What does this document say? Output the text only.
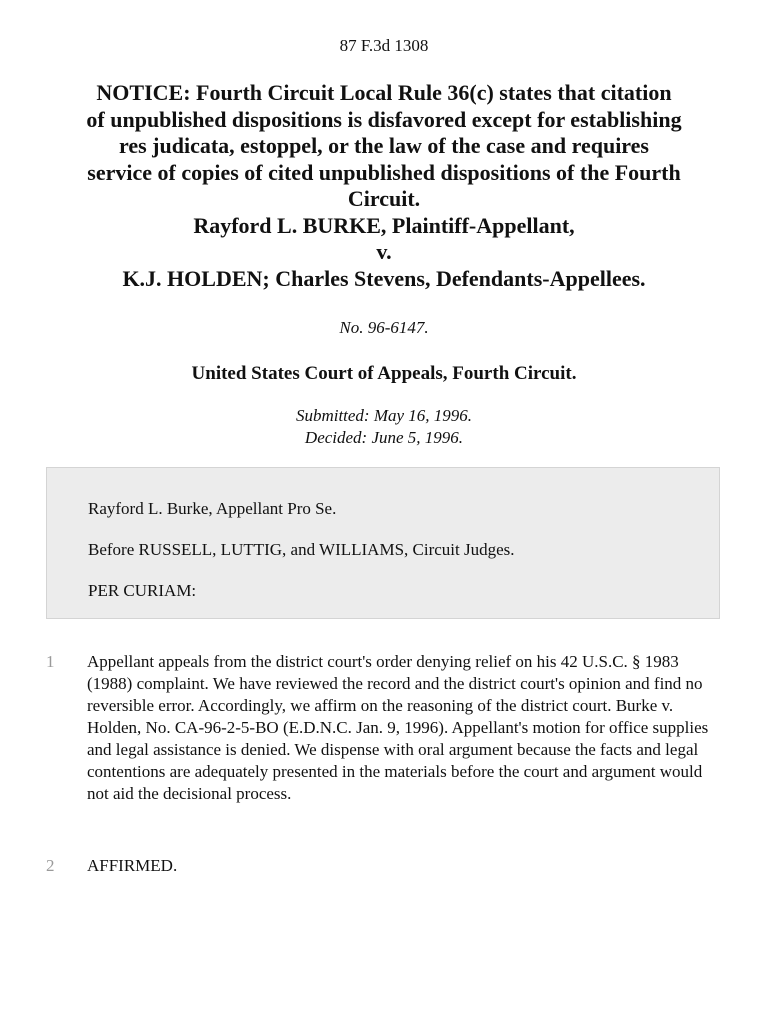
87 F.3d 1308
NOTICE: Fourth Circuit Local Rule 36(c) states that citation
of unpublished dispositions is disfavored except for establishing
res judicata, estoppel, or the law of the case and requires
service of copies of cited unpublished dispositions of the Fourth
Circuit.
Rayford L. BURKE, Plaintiff-Appellant,
v.
K.J. HOLDEN; Charles Stevens, Defendants-Appellees.
No. 96-6147.
United States Court of Appeals, Fourth Circuit.
Submitted: May 16, 1996.
Decided: June 5, 1996.

Rayford L. Burke, Appellant Pro Se.

Before RUSSELL, LUTTIG, and WILLIAMS, Circuit Judges.

PER CURIAM:

1 Appellant appeals from the district court's order denying relief on his 42 U.S.C. § 1983 (1988) complaint. We have reviewed the record and the district court's opinion and find no reversible error. Accordingly, we affirm on the reasoning of the district court. Burke v. Holden, No. CA-96-2-5-BO (E.D.N.C. Jan. 9, 1996). Appellant's motion for office supplies and legal assistance is denied. We dispense with oral argument because the facts and legal contentions are adequately presented in the materials before the court and argument would not aid the decisional process.
2 AFFIRMED.
